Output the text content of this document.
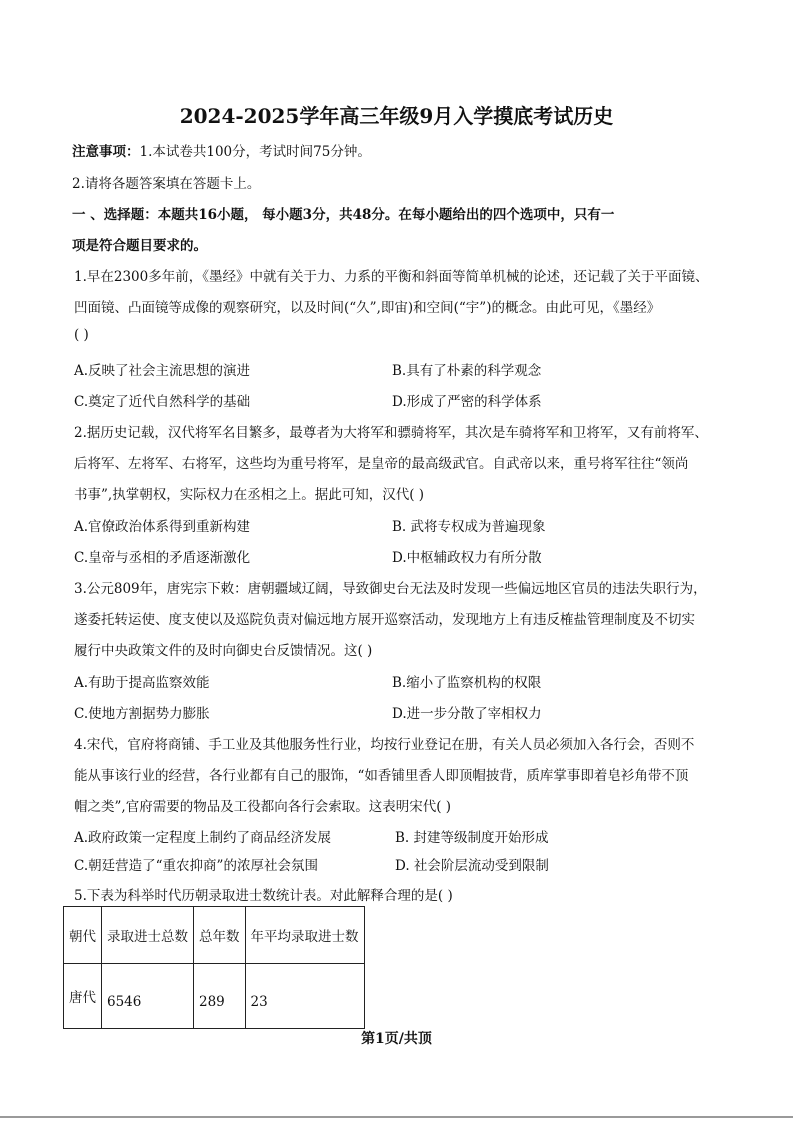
2024-2025学年高三年级9月入学摸底考试历史
注意事项：1.本试卷共100分，考试时间75分钟。
2.请将各题答案填在答题卡上。
一 、选择题：本题共16小题， 每小题3分，共48分。在每小题给出的四个选项中，只有一
项是符合题目要求的。
1.早在2300多年前，《墨经》中就有关于力、力系的平衡和斜面等简单机械的论述，还记载了关于平面镜、
凹面镜、凸面镜等成像的观察研究，以及时间(“久”,即宙)和空间(“宇”)的概念。由此可见，《墨经》
( )
A.反映了社会主流思想的演进	B.具有了朴素的科学观念
C.奠定了近代自然科学的基础	D.形成了严密的科学体系
2.据历史记载，汉代将军名目繁多，最尊者为大将军和骠骑将军，其次是车骑将军和卫将军，又有前将军、
后将军、左将军、右将军，这些均为重号将军，是皇帝的最高级武官。自武帝以来，重号将军往往“领尚
书事”,执掌朝权，实际权力在丞相之上。据此可知，汉代( )
A.官僚政治体系得到重新构建	B. 武将专权成为普遍现象
C.皇帝与丞相的矛盾逐渐激化	D.中枢辅政权力有所分散
3.公元809年，唐宪宗下敕：唐朝疆域辽阔，导致御史台无法及时发现一些偏远地区官员的违法失职行为，
遂委托转运使、度支使以及巡院负责对偏远地方展开巡察活动，发现地方上有违反榷盐管理制度及不切实
履行中央政策文件的及时向御史台反馈情况。这( )
A.有助于提高监察效能	B.缩小了监察机构的权限
C.使地方割据势力膨胀	D.进一步分散了宰相权力
4.宋代，官府将商铺、手工业及其他服务性行业，均按行业登记在册，有关人员必须加入各行会，否则不
能从事该行业的经营，各行业都有自己的服饰，“如香铺里香人即顶帽披背，质库掌事即着皂衫角带不顶
帽之类”,官府需要的物品及工役都向各行会索取。这表明宋代( )
A.政府政策一定程度上制约了商品经济发展	B. 封建等级制度开始形成
C.朝廷营造了“重农抑商”的浓厚社会氛围	D. 社会阶层流动受到限制
5.下表为科举时代历朝录取进士数统计表。对此解释合理的是( )
朝代	录取进士总数	总年数	年平均录取进士数
唐代	6546	289	23
第1页/共顶
